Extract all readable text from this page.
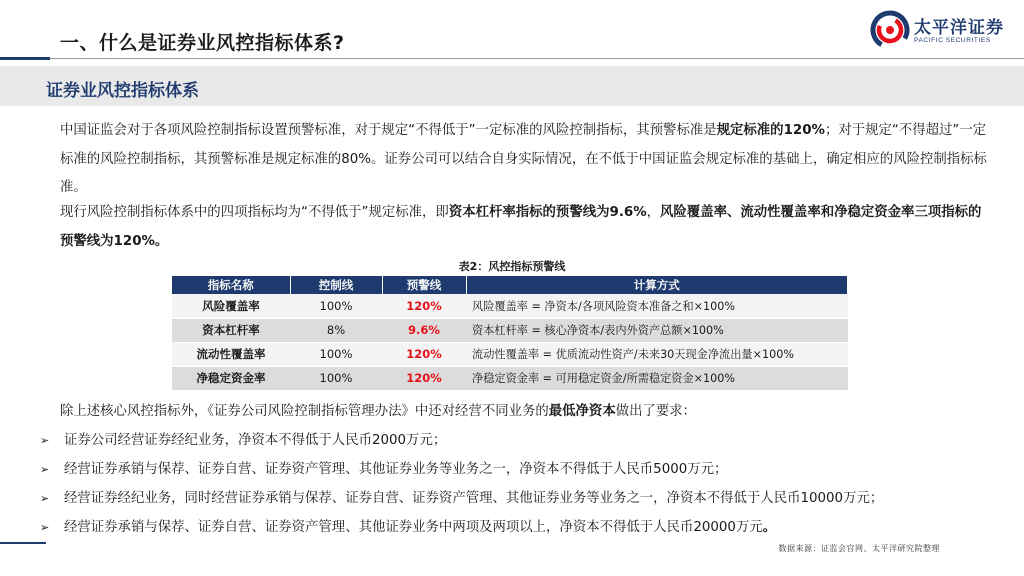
一、什么是证券业风控指标体系?
太平洋证券
PACIFIC SECURITIES
证券业风控指标体系
中国证监会对于各项风险控制指标设置预警标准，对于规定“不得低于”一定标准的风险控制指标，其预警标准是规定标准的120%；对于规定“不得超过”一定标准的风险控制指标，其预警标准是规定标准的80%。证券公司可以结合自身实际情况，在不低于中国证监会规定标准的基础上，确定相应的风险控制指标标准。
现行风险控制指标体系中的四项指标均为“不得低于”规定标准，即资本杠杆率指标的预警线为9.6%，风险覆盖率、流动性覆盖率和净稳定资金率三项指标的预警线为120%。
表2：风控指标预警线
指标名称	控制线	预警线	计算方式
风险覆盖率	100%	120%	风险覆盖率 = 净资本/各项风险资本准备之和×100%
资本杠杆率	8%	9.6%	资本杠杆率 = 核心净资本/表内外资产总额×100%
流动性覆盖率	100%	120%	流动性覆盖率 = 优质流动性资产/未来30天现金净流出量×100%
净稳定资金率	100%	120%	净稳定资金率 = 可用稳定资金/所需稳定资金×100%
除上述核心风控指标外，《证券公司风险控制指标管理办法》中还对经营不同业务的最低净资本做出了要求：
➢ 证券公司经营证券经纪业务，净资本不得低于人民币2000万元；
➢ 经营证券承销与保荐、证券自营、证券资产管理、其他证券业务等业务之一，净资本不得低于人民币5000万元；
➢ 经营证券经纪业务，同时经营证券承销与保荐、证券自营、证券资产管理、其他证券业务等业务之一，净资本不得低于人民币10000万元；
➢ 经营证券承销与保荐、证券自营、证券资产管理、其他证券业务中两项及两项以上，净资本不得低于人民币20000万元。
数据来源：证监会官网、太平洋研究院整理
